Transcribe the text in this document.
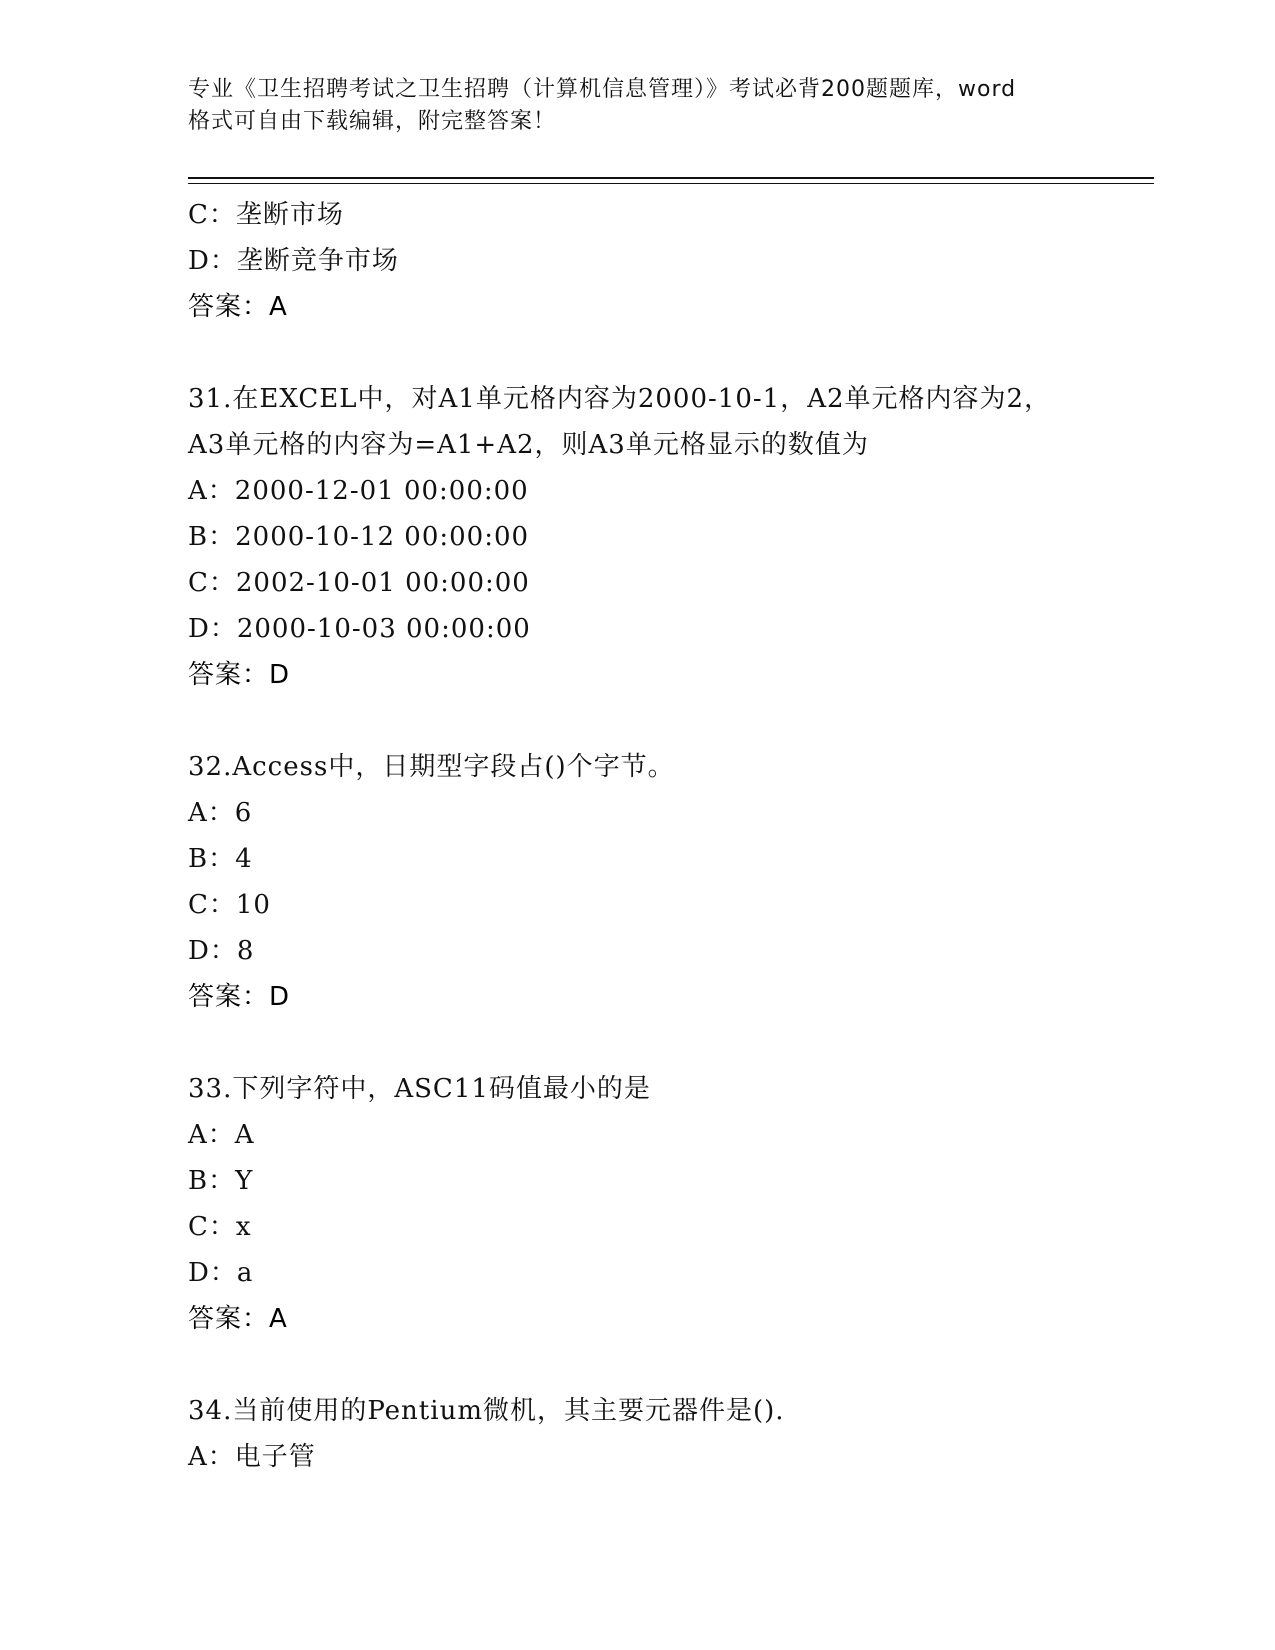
专业《卫生招聘考试之卫生招聘（计算机信息管理）》考试必背200题题库，word
格式可自由下载编辑，附完整答案！
C：垄断市场
D：垄断竞争市场
答案：A
31.在EXCEL中，对A1单元格内容为2000-10-1，A2单元格内容为2，
A3单元格的内容为=A1+A2，则A3单元格显示的数值为
A：2000-12-01 00:00:00
B：2000-10-12 00:00:00
C：2002-10-01 00:00:00
D：2000-10-03 00:00:00
答案：D
32.Access中，日期型字段占()个字节。
A：6
B：4
C：10
D：8
答案：D
33.下列字符中，ASC11码值最小的是
A：A
B：Y
C：x
D：a
答案：A
34.当前使用的Pentium微机，其主要元器件是().
A：电子管
